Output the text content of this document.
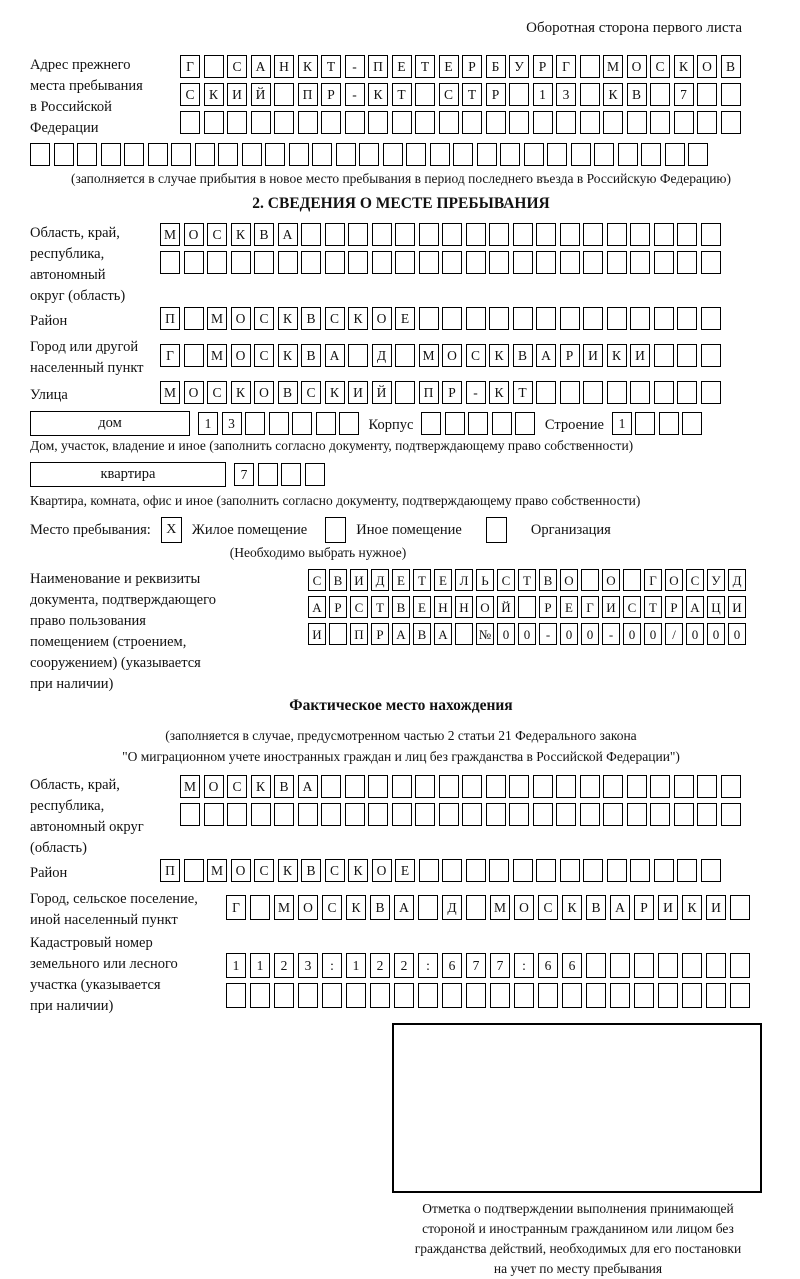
Оборотная сторона первого листа
Адрес прежнего
места пребывания
в Российской
Федерации
Г	С	А	Н	К	Т	-	П	Е	Т	Е	Р	Б	У	Р	Г	М О	С	К	О	В
С	К	И	Й	П	Р	-	К	Т	С	Т	Р	1	3	К	В	7
(заполняется в случае прибытия в новое место пребывания в период последнего въезда в Российскую Федерацию)
2. СВЕДЕНИЯ О МЕСТЕ ПРЕБЫВАНИЯ
Область, край,
республика,
автономный
округ (область)
М О	С	К	В	А
Район	П	М О	С	К	В	С	К	О	Е
Город или другой
населенный пункт
Г	М О	С	К	В	А	Д	М О	С	К	В	А	Р	И	К	И
Улица	М О	С	К	О	В	С	К	И	Й	П	Р	-	К	Т
дом	1	3	Корпус	Строение	1
Дом, участок, владение и иное (заполнить согласно документу, подтверждающему право собственности)
квартира	7
Квартира, комната, офис и иное (заполнить согласно документу, подтверждающему право собственности)
Место пребывания:	X	Жилое помещение	Иное помещение	Организация
(Необходимо выбрать нужное)
Наименование и реквизиты
документа, подтверждающего
право пользования
помещением (строением,
сооружением) (указывается
при наличии)
С В И Д Е	Т	Е Л Ь С Т В О	О	Г О С У Д
А Р	С Т В Е Н Н О Й	Р	Е	Г И С Т	Р А Ц И
И	П Р А В А	№ 0	0	-	0	0	-	0	0	/	0	0	0
Фактическое место нахождения
(заполняется в случае, предусмотренном частью 2 статьи 21 Федерального закона
"О миграционном учете иностранных граждан и лиц без гражданства в Российской Федерации")
Область, край,
республика,
автономный округ
(область)
М О	С	К	В	А
Район	П	М О	С	К	В	С	К	О	Е
Город, сельское поселение,
иной населенный пункт
Г	М О	С	К	В	А	Д	М О	С	К	В	А	Р	И	К	И
Кадастровый номер
земельного или лесного
участка (указывается
при наличии)
1	1	2	3	:	1	2	2	:	6	7	7	:	6	6
Отметка о подтверждении выполнения принимающей
стороной и иностранным гражданином или лицом без
гражданства действий, необходимых для его постановки
на учет по месту пребывания
